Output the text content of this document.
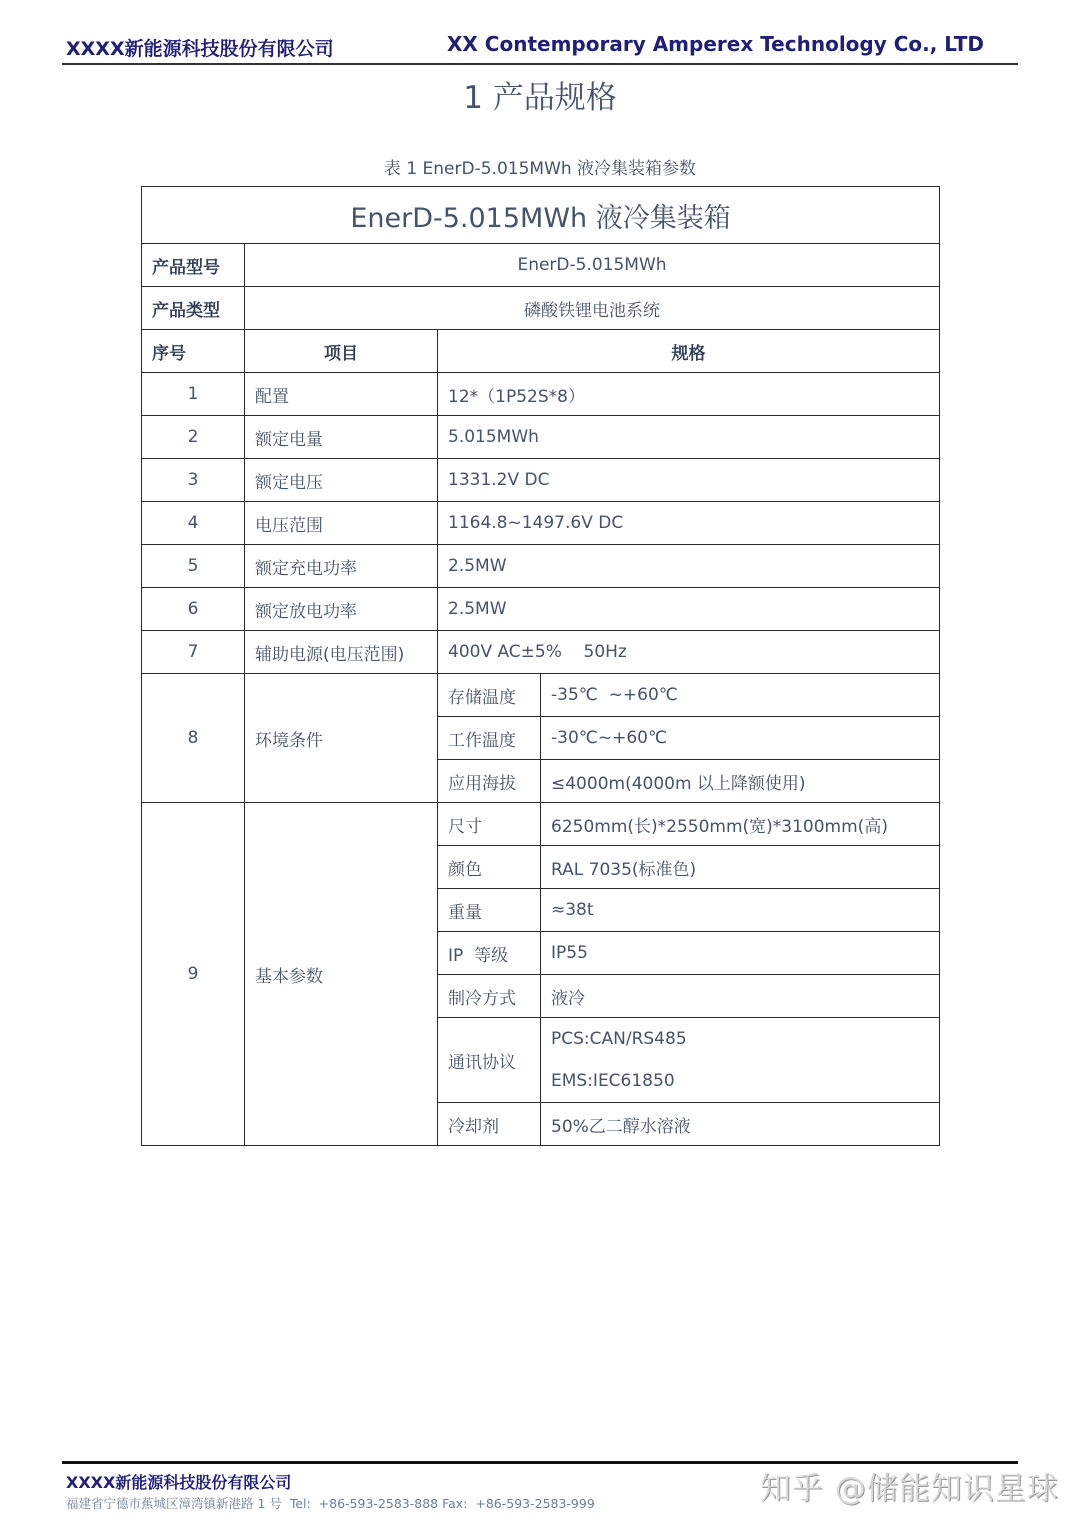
XXXX新能源科技股份有限公司	XX Contemporary Amperex Technology Co., LTD
1 产品规格
表 1 EnerD-5.015MWh 液冷集装箱参数
EnerD-5.015MWh 液冷集装箱			
产品型号	EnerD-5.015MWh		
产品类型	磷酸铁锂电池系统		
序号	项目	规格	
1	配置	12*（1P52S*8）	
2	额定电量	5.015MWh	
3	额定电压	1331.2V DC	
4	电压范围	1164.8~1497.6V DC	
5	额定充电功率	2.5MW	
6	额定放电功率	2.5MW	
7	辅助电源(电压范围)	400V AC±5%    50Hz	
8	环境条件	存储温度	-35℃  ~+60℃
		工作温度	-30℃~+60℃
		应用海拔	≤4000m(4000m 以上降额使用)
9	基本参数	尺寸	6250mm(长)*2550mm(宽)*3100mm(高)
		颜色	RAL 7035(标准色)
		重量	≈38t
		IP  等级	IP55
		制冷方式	液冷
		通讯协议	PCS:CAN/RS485
EMS:IEC61850

		冷却剂	50%乙二醇水溶液
XXXX新能源科技股份有限公司
福建省宁德市蕉城区漳湾镇新港路 1 号  Tel:  +86-593-2583-888 Fax:  +86-593-2583-999	知乎 @储能知识星球
